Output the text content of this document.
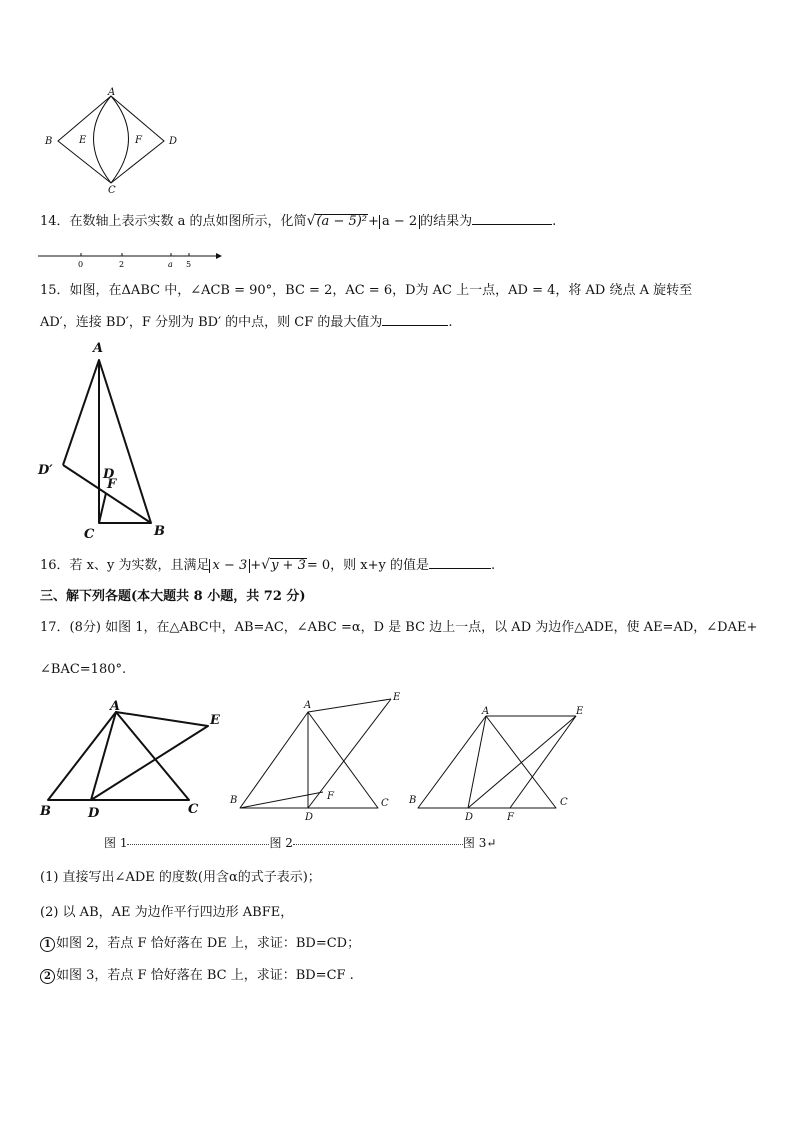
A
B
C
D
E	F
14．在数轴上表示实数 a 的点如图所示，化简√(a − 5)²+ a − 2 的结果为	.
0	2	a 5
15．如图，在ΔABC 中，∠ACB = 90°，BC = 2，AC = 6，D为 AC 上一点，AD = 4，将 AD 绕点 A 旋转至
AD′，连接 BD′，F 分别为 BD′ 的中点，则 CF 的最大值为	.
A
D′	D
F
C	B
16．若 x、y 为实数，且满足 x − 3 +√y + 3= 0，则 x+y 的值是	.
三、解下列各题(本大题共 8 小题，共 72 分)
17．(8分) 如图 1，在△ABC中，AB=AC，∠ABC =α，D 是 BC 边上一点，以 AD 为边作△ADE，使 AE=AD，∠DAE+
∠BAC=180°.
A
E
B	D	C
A
E
B	F
D
C
A	E
B
D	F
C
图 1	图 2	图 3↵
(1) 直接写出∠ADE 的度数(用含α的式子表示)；
(2) 以 AB，AE 为边作平行四边形 ABFE，
1 如图 2，若点 F 恰好落在 DE 上，求证：BD=CD；
2 如图 3，若点 F 恰好落在 BC 上，求证：BD=CF .
